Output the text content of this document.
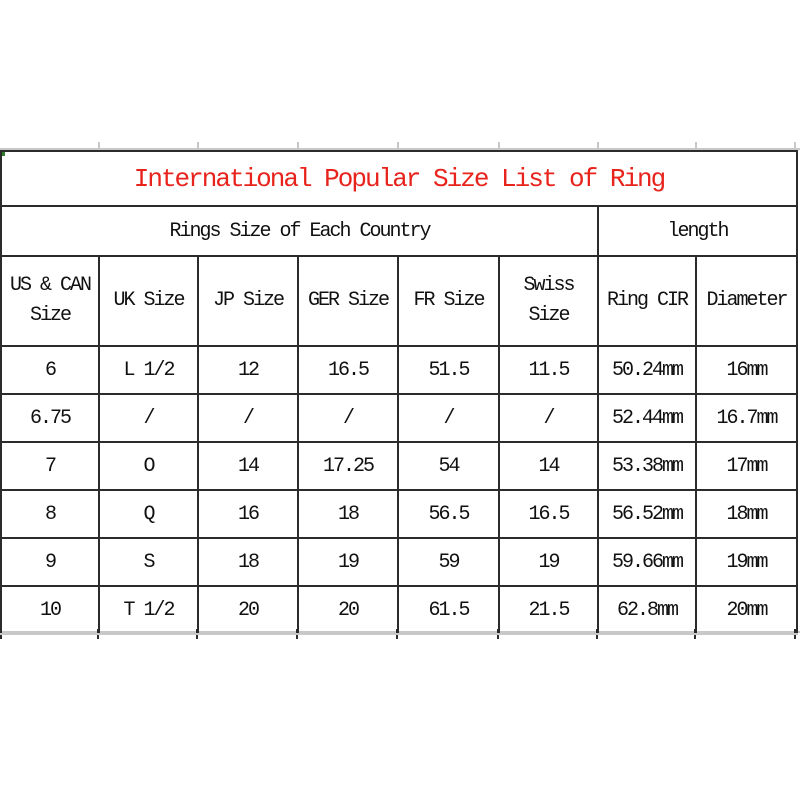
International Popular Size List of Ring							
Rings Size of Each Country						length	
US & CAN Size	UK Size	JP Size	GER Size	FR Size	Swiss Size	Ring CIR	Diameter
6	L 1/2	12	16.5	51.5	11.5	50.24mm	16mm
6.75	/	/	/	/	/	52.44mm	16.7mm
7	O	14	17.25	54	14	53.38mm	17mm
8	Q	16	18	56.5	16.5	56.52mm	18mm
9	S	18	19	59	19	59.66mm	19mm
10	T 1/2	20	20	61.5	21.5	62.8mm	20mm
